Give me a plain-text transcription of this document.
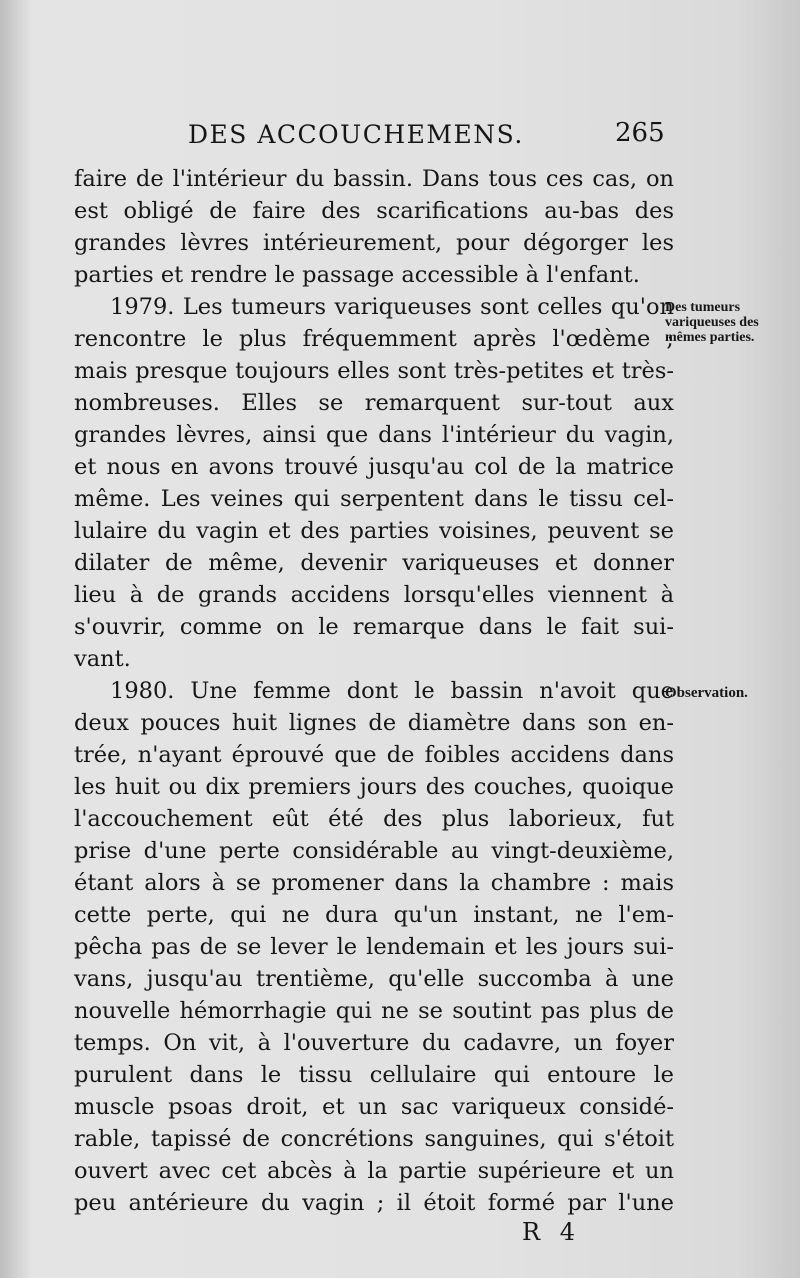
DES ACCOUCHEMENS.	265
faire de l'intérieur du bassin. Dans tous ces cas, on
est obligé de faire des scarifications au-bas des
grandes lèvres intérieurement, pour dégorger les
parties et rendre le passage accessible à l'enfant.
1979. Les tumeurs variqueuses sont celles qu'on
rencontre le plus fréquemment après l'œdème ;
mais presque toujours elles sont très-petites et très-
nombreuses. Elles se remarquent sur-tout aux
grandes lèvres, ainsi que dans l'intérieur du vagin,
et nous en avons trouvé jusqu'au col de la matrice
même. Les veines qui serpentent dans le tissu cel-
lulaire du vagin et des parties voisines, peuvent se
dilater de même, devenir variqueuses et donner
lieu à de grands accidens lorsqu'elles viennent à
s'ouvrir, comme on le remarque dans le fait sui-
vant.
1980. Une femme dont le bassin n'avoit que
deux pouces huit lignes de diamètre dans son en-
trée, n'ayant éprouvé que de foibles accidens dans
les huit ou dix premiers jours des couches, quoique
l'accouchement eût été des plus laborieux, fut
prise d'une perte considérable au vingt-deuxième,
étant alors à se promener dans la chambre : mais
cette perte, qui ne dura qu'un instant, ne l'em-
pêcha pas de se lever le lendemain et les jours sui-
vans, jusqu'au trentième, qu'elle succomba à une
nouvelle hémorrhagie qui ne se soutint pas plus de
temps. On vit, à l'ouverture du cadavre, un foyer
purulent dans le tissu cellulaire qui entoure le
muscle psoas droit, et un sac variqueux considé-
rable, tapissé de concrétions sanguines, qui s'étoit
ouvert avec cet abcès à la partie supérieure et un
peu antérieure du vagin ; il étoit formé par l'une
Des tumeurs variqueuses des mêmes parties.
Observation.
R 4
